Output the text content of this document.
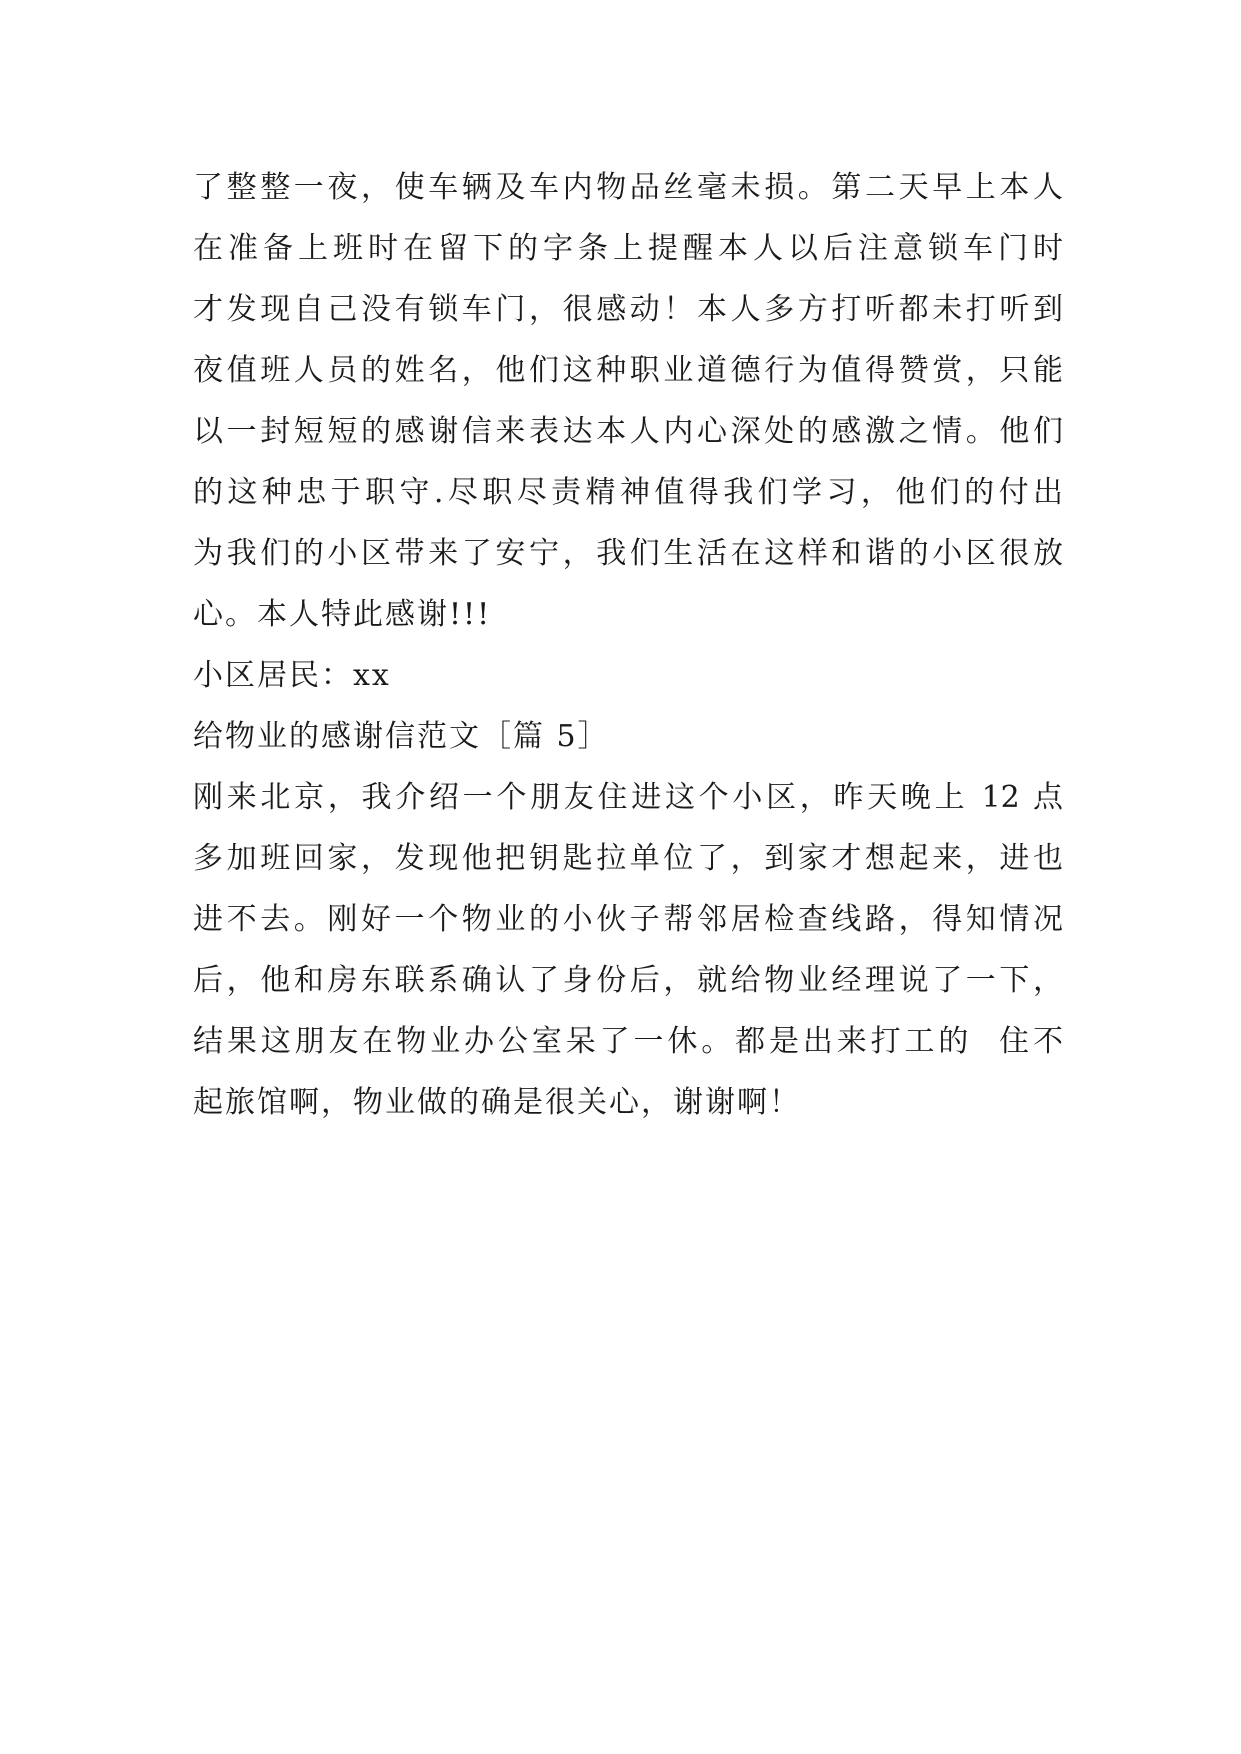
了整整一夜，使车辆及车内物品丝毫未损。第二天早上本人
在准备上班时在留下的字条上提醒本人以后注意锁车门时
才发现自己没有锁车门，很感动！本人多方打听都未打听到
夜值班人员的姓名，他们这种职业道德行为值得赞赏，只能
以一封短短的感谢信来表达本人内心深处的感激之情。他们
的这种忠于职守.尽职尽责精神值得我们学习，他们的付出
为我们的小区带来了安宁，我们生活在这样和谐的小区很放
心。本人特此感谢!!!
小区居民：xx
给物业的感谢信范文［篇 5］
刚来北京，我介绍一个朋友住进这个小区，昨天晚上 12 点
多加班回家，发现他把钥匙拉单位了，到家才想起来，进也
进不去。刚好一个物业的小伙子帮邻居检查线路，得知情况
后，他和房东联系确认了身份后，就给物业经理说了一下，
结果这朋友在物业办公室呆了一休。都是出来打工的  住不
起旅馆啊，物业做的确是很关心，谢谢啊！
